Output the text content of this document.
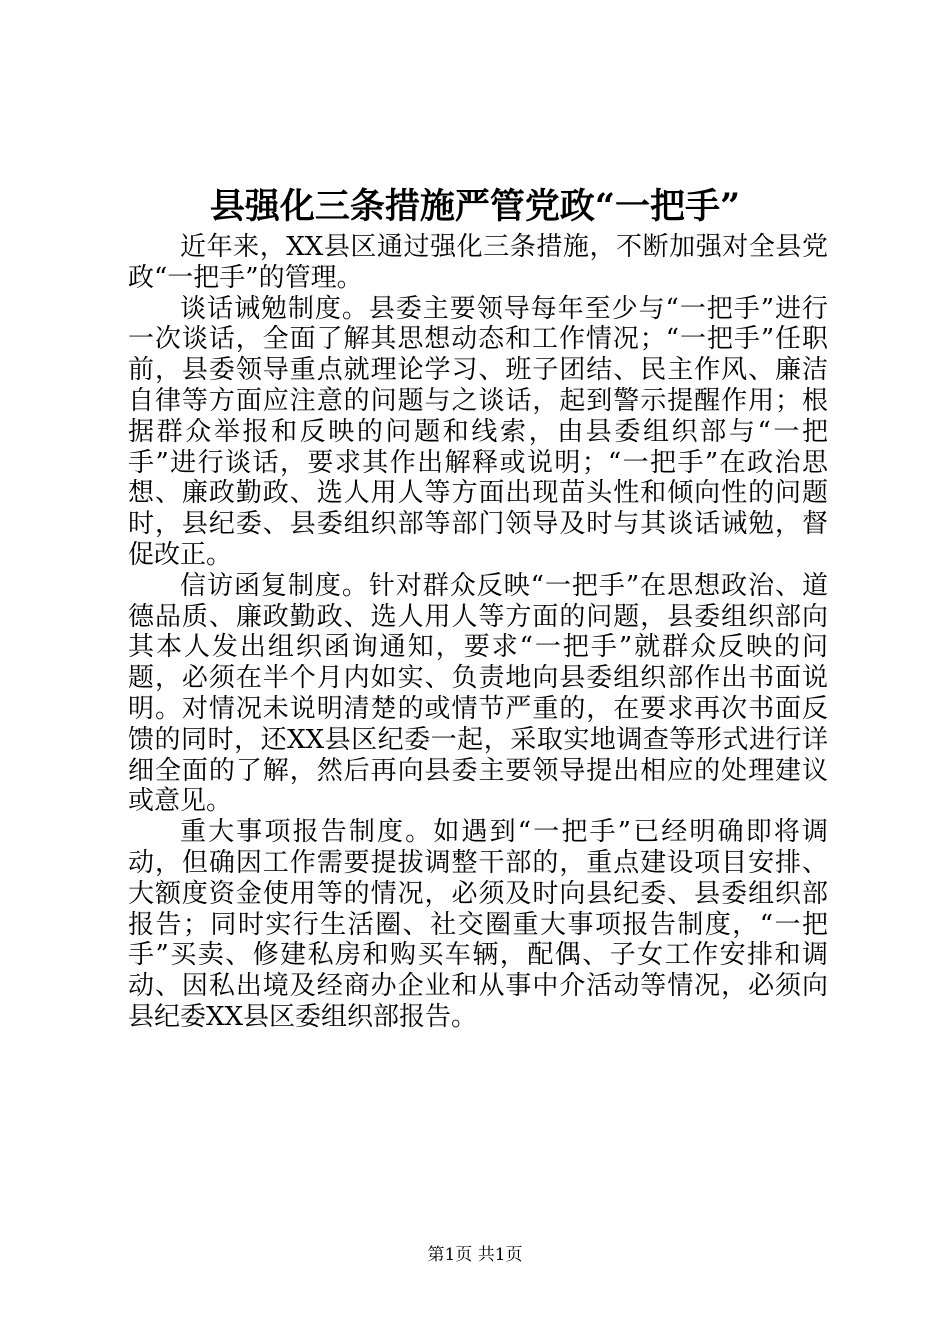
县强化三条措施严管党政“一把手”

近年来，XX县区通过强化三条措施，不断加强对全县党政“一把手”的管理。

谈话诫勉制度。县委主要领导每年至少与“一把手”进行一次谈话，全面了解其思想动态和工作情况；“一把手”任职前，县委领导重点就理论学习、班子团结、民主作风、廉洁自律等方面应注意的问题与之谈话，起到警示提醒作用；根据群众举报和反映的问题和线索，由县委组织部与“一把手”进行谈话，要求其作出解释或说明；“一把手”在政治思想、廉政勤政、选人用人等方面出现苗头性和倾向性的问题时，县纪委、县委组织部等部门领导及时与其谈话诫勉，督促改正。

信访函复制度。针对群众反映“一把手”在思想政治、道德品质、廉政勤政、选人用人等方面的问题，县委组织部向其本人发出组织函询通知，要求“一把手”就群众反映的问题，必须在半个月内如实、负责地向县委组织部作出书面说明。对情况未说明清楚的或情节严重的，在要求再次书面反馈的同时，还XX县区纪委一起，采取实地调查等形式进行详细全面的了解，然后再向县委主要领导提出相应的处理建议或意见。

重大事项报告制度。如遇到“一把手”已经明确即将调动，但确因工作需要提拔调整干部的，重点建设项目安排、大额度资金使用等的情况，必须及时向县纪委、县委组织部报告；同时实行生活圈、社交圈重大事项报告制度，“一把手”买卖、修建私房和购买车辆，配偶、子女工作安排和调动、因私出境及经商办企业和从事中介活动等情况，必须向县纪委XX县区委组织部报告。

第1页 共1页
